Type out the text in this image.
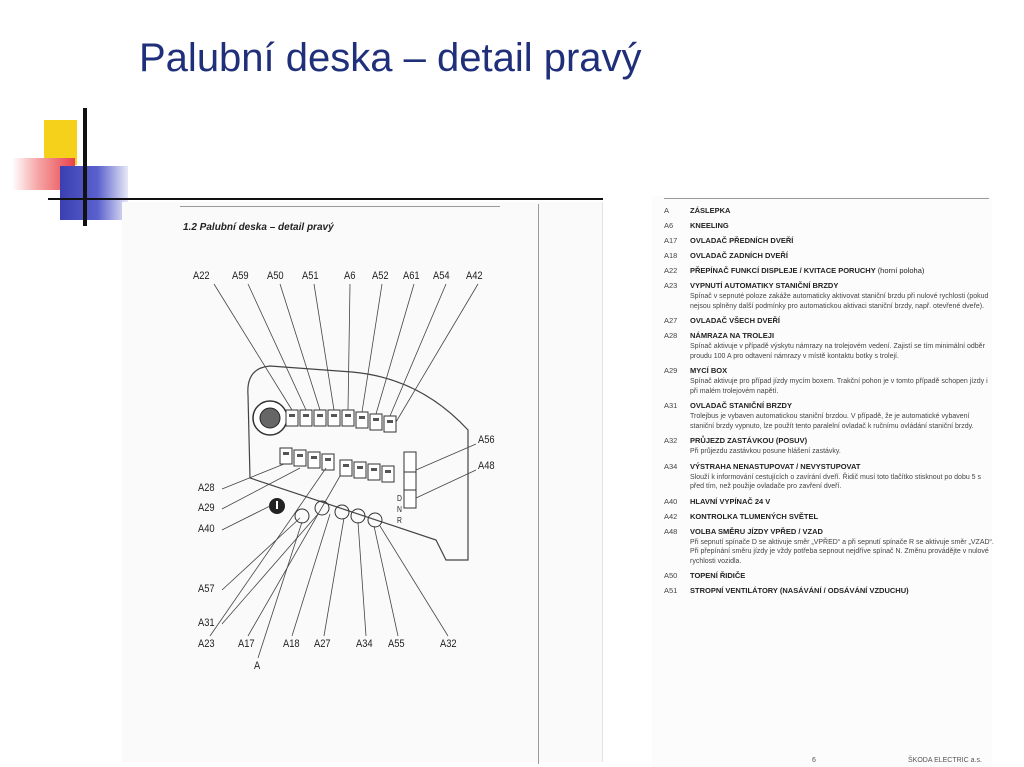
Palubní deska – detail pravý
1.2 Palubní deska – detail pravý
A22 A59 A50 A51 A6 A52 A61 A54 A42
A56
A48
A28
A29
A40
A57
A31
A23 A17	A18 A27 A34 A55	A32
A
D
N
R
A	ZÁSLEPKA
A6	KNEELING
A17	OVLADAČ PŘEDNÍCH DVEŘÍ
A18	OVLADAČ ZADNÍCH DVEŘÍ
A22	PŘEPÍNAČ FUNKCÍ DISPLEJE / KVITACE PORUCHY (horní poloha)
A23	VYPNUTÍ AUTOMATIKY STANIČNÍ BRZDY
Spínač v sepnuté poloze zakáže automaticky aktivovat staniční brzdu při nulové rychlosti (pokud nejsou splněny další podmínky pro automatickou aktivaci staniční brzdy, např. otevřené dveře).
A27	OVLADAČ VŠECH DVEŘÍ
A28	NÁMRAZA NA TROLEJI
Spínač aktivuje v případě výskytu námrazy na trolejovém vedení. Zajistí se tím minimální odběr proudu 100 A pro odtavení námrazy v místě kontaktu botky s trolejí.
A29	MYCÍ BOX
Spínač aktivuje pro případ jízdy mycím boxem. Trakční pohon je v tomto případě schopen jízdy i při malém trolejovém napětí.
A31	OVLADAČ STANIČNÍ BRZDY
Trolejbus je vybaven automatickou staniční brzdou. V případě, že je automatické vybavení staniční brzdy vypnuto, lze použít tento paralelní ovladač k ručnímu ovládání staniční brzdy.
A32	PRŮJEZD ZASTÁVKOU (POSUV)
Při průjezdu zastávkou posune hlášení zastávky.
A34	VÝSTRAHA NENASTUPOVAT / NEVYSTUPOVAT
Slouží k informování cestujících o zavírání dveří. Řidič musí toto tlačítko stisknout po dobu 5 s před tím, než použije ovladače pro zavření dveří.
A40	HLAVNÍ VYPÍNAČ 24 V
A42	KONTROLKA TLUMENÝCH SVĚTEL
A48	VOLBA SMĚRU JÍZDY VPŘED / VZAD
Při sepnutí spínače D se aktivuje směr „VPŘED“ a při sepnutí spínače R se aktivuje směr „VZAD“. Při přepínání směru jízdy je vždy potřeba sepnout nejdříve spínač N. Změnu provádějte v nulové rychlosti vozidla.
A50	TOPENÍ ŘIDIČE
A51	STROPNÍ VENTILÁTORY (NASÁVÁNÍ / ODSÁVÁNÍ VZDUCHU)
6	ŠKODA ELECTRIC a.s.
